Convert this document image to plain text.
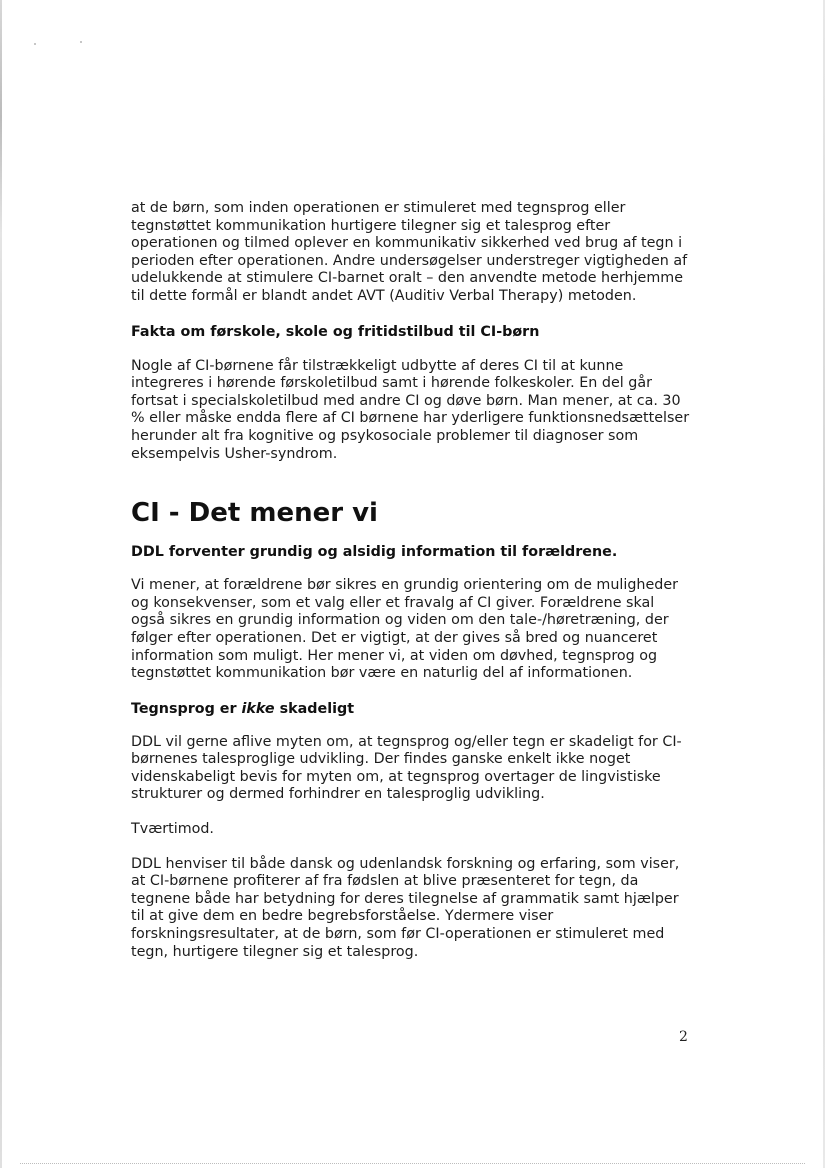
at de børn, som inden operationen er stimuleret med tegnsprog eller tegnstøttet kommunikation hurtigere tilegner sig et talesprog efter operationen og tilmed oplever en kommunikativ sikkerhed ved brug af tegn i perioden efter operationen. Andre undersøgelser understreger vigtigheden af udelukkende at stimulere CI-barnet oralt – den anvendte metode herhjemme til dette formål er blandt andet AVT (Auditiv Verbal Therapy) metoden.

Fakta om førskole, skole og fritidstilbud til CI-børn

Nogle af CI-børnene får tilstrækkeligt udbytte af deres CI til at kunne integreres i hørende førskoletilbud samt i hørende folkeskoler. En del går fortsat i specialskoletilbud med andre CI og døve børn. Man mener, at ca. 30 % eller måske endda flere af CI børnene har yderligere funktionsnedsættelser herunder alt fra kognitive og psykosociale problemer til diagnoser som eksempelvis Usher-syndrom.

CI - Det mener vi
DDL forventer grundig og alsidig information til forældrene.

Vi mener, at forældrene bør sikres en grundig orientering om de muligheder og konsekvenser, som et valg eller et fravalg af CI giver. Forældrene skal også sikres en grundig information og viden om den tale-/høretræning, der følger efter operationen. Det er vigtigt, at der gives så bred og nuanceret information som muligt. Her mener vi, at viden om døvhed, tegnsprog og tegnstøttet kommunikation bør være en naturlig del af informationen.

Tegnsprog er ikke skadeligt

DDL vil gerne aflive myten om, at tegnsprog og/eller tegn er skadeligt for CI-børnenes talesproglige udvikling. Der findes ganske enkelt ikke noget videnskabeligt bevis for myten om, at tegnsprog overtager de lingvistiske strukturer og dermed forhindrer en talesproglig udvikling.

Tværtimod.

DDL henviser til både dansk og udenlandsk forskning og erfaring, som viser, at CI-børnene profiterer af fra fødslen at blive præsenteret for tegn, da tegnene både har betydning for deres tilegnelse af grammatik samt hjælper til at give dem en bedre begrebsforståelse. Ydermere viser forskningsresultater, at de børn, som før CI-operationen er stimuleret med tegn, hurtigere tilegner sig et talesprog.

2
